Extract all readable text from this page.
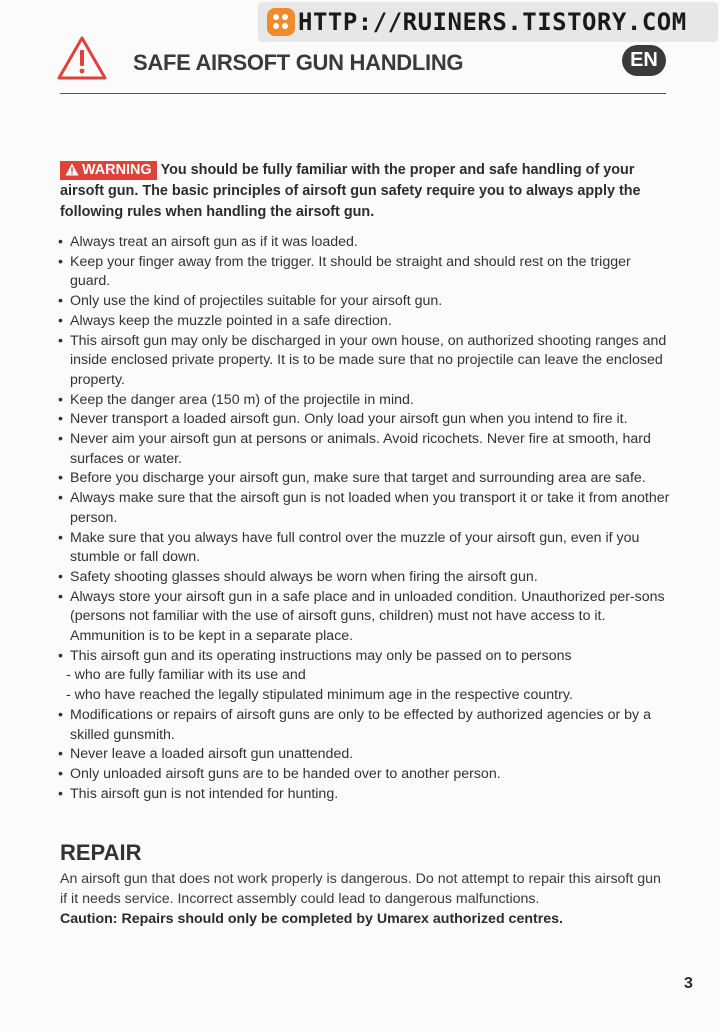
HTTP://RUINERS.TISTORY.COM
SAFE AIRSOFT GUN HANDLING	EN
WARNING You should be fully familiar with the proper and safe handling of your airsoft gun. The basic principles of airsoft gun safety require you to always apply the following rules when handling the airsoft gun.
• Always treat an airsoft gun as if it was loaded.
• Keep your finger away from the trigger. It should be straight and should rest on the trigger guard.
• Only use the kind of projectiles suitable for your airsoft gun.
• Always keep the muzzle pointed in a safe direction.
• This airsoft gun may only be discharged in your own house, on authorized shooting ranges and inside enclosed private property. It is to be made sure that no projectile can leave the enclosed property.
• Keep the danger area (150 m) of the projectile in mind.
• Never transport a loaded airsoft gun. Only load your airsoft gun when you intend to fire it.
• Never aim your airsoft gun at persons or animals. Avoid ricochets. Never fire at smooth, hard surfaces or water.
• Before you discharge your airsoft gun, make sure that target and surrounding area are safe.
• Always make sure that the airsoft gun is not loaded when you transport it or take it from another person.
• Make sure that you always have full control over the muzzle of your airsoft gun, even if you stumble or fall down.
• Safety shooting glasses should always be worn when firing the airsoft gun.
• Always store your airsoft gun in a safe place and in unloaded condition. Unauthorized per-sons (persons not familiar with the use of airsoft guns, children) must not have access to it. Ammunition is to be kept in a separate place.
• This airsoft gun and its operating instructions may only be passed on to persons
- who are fully familiar with its use and
- who have reached the legally stipulated minimum age in the respective country.
• Modifications or repairs of airsoft guns are only to be effected by authorized agencies or by a skilled gunsmith.
• Never leave a loaded airsoft gun unattended.
• Only unloaded airsoft guns are to be handed over to another person.
• This airsoft gun is not intended for hunting.
REPAIR
An airsoft gun that does not work properly is dangerous. Do not attempt to repair this airsoft gun if it needs service. Incorrect assembly could lead to dangerous malfunctions.
Caution: Repairs should only be completed by Umarex authorized centres.
3
